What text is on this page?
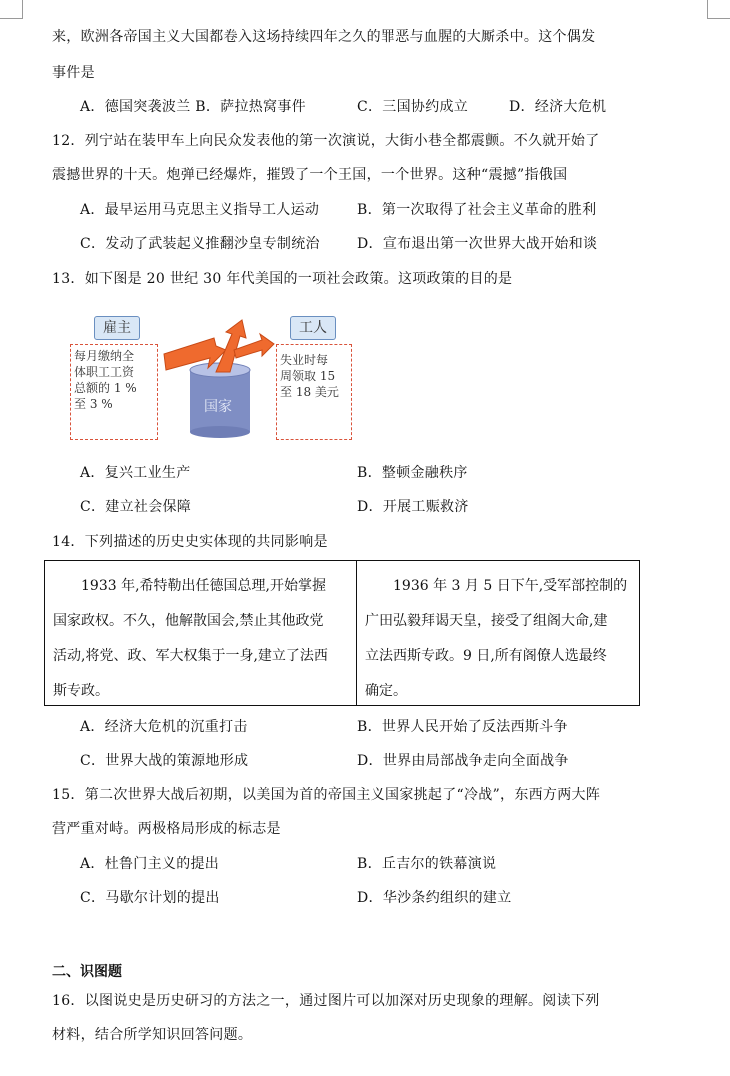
来，欧洲各帝国主义大国都卷入这场持续四年之久的罪恶与血腥的大厮杀中。这个偶发
事件是
A．德国突袭波兰 B．萨拉热窝事件	C．三国协约成立	D．经济大危机
12．列宁站在装甲车上向民众发表他的第一次演说，大街小巷全都震颤。不久就开始了
震撼世界的十天。炮弹已经爆炸，摧毁了一个王国，一个世界。这种“震撼”指俄国
A．最早运用马克思主义指导工人运动	B．第一次取得了社会主义革命的胜利
C．发动了武装起义推翻沙皇专制统治	D．宣布退出第一次世界大战开始和谈
13．如下图是 20 世纪 30 年代美国的一项社会政策。这项政策的目的是
雇主
每月缴纳全
体职工工资
总额的 1 %
至 3 %	国家
工人
失业时每
周领取 15
至 18 美元
A．复兴工业生产	B．整顿金融秩序
C．建立社会保障	D．开展工赈救济
14．下列描述的历史史实体现的共同影响是
1933 年,希特勒出任德国总理,开始掌握
国家政权。不久，他解散国会,禁止其他政党
活动,将党、政、军大权集于一身,建立了法西
斯专政。
1936 年 3 月 5 日下午,受军部控制的
广田弘毅拜谒天皇，接受了组阁大命,建
立法西斯专政。9 日,所有阁僚人选最终
确定。
A．经济大危机的沉重打击	B．世界人民开始了反法西斯斗争
C．世界大战的策源地形成	D．世界由局部战争走向全面战争
15．第二次世界大战后初期，以美国为首的帝国主义国家挑起了“冷战”，东西方两大阵
营严重对峙。两极格局形成的标志是
A．杜鲁门主义的提出	B．丘吉尔的铁幕演说
C．马歇尔计划的提出	D．华沙条约组织的建立
二、识图题
16．以图说史是历史研习的方法之一，通过图片可以加深对历史现象的理解。阅读下列
材料，结合所学知识回答问题。
